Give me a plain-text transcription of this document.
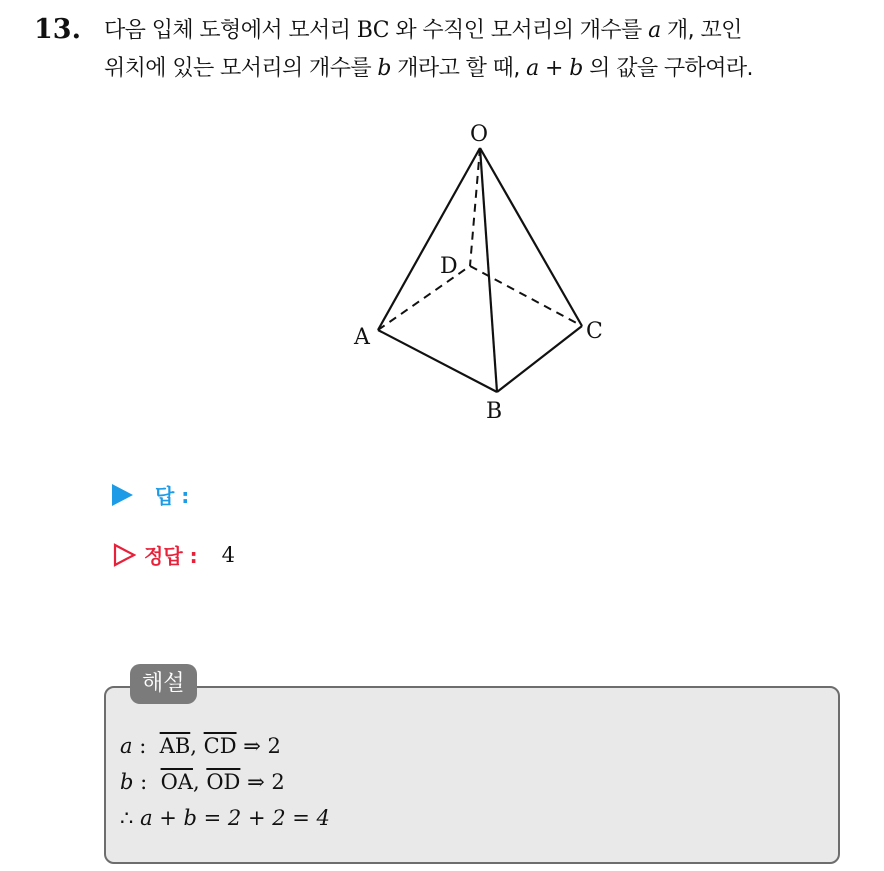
13. 다음 입체 도형에서 모서리 BC 와 수직인 모서리의 개수를 a 개, 꼬인
위치에 있는 모서리의 개수를 b 개라고 할 때, a + b 의 값을 구하여라.
O
A
B
C
D
답 :
정답 : 4
해설
a :  $\overline{AB}$, $\overline{CD}$ ⇒ 2
b :  $\overline{OA}$, $\overline{OD}$ ⇒ 2
∴ a + b = 2 + 2 = 4
